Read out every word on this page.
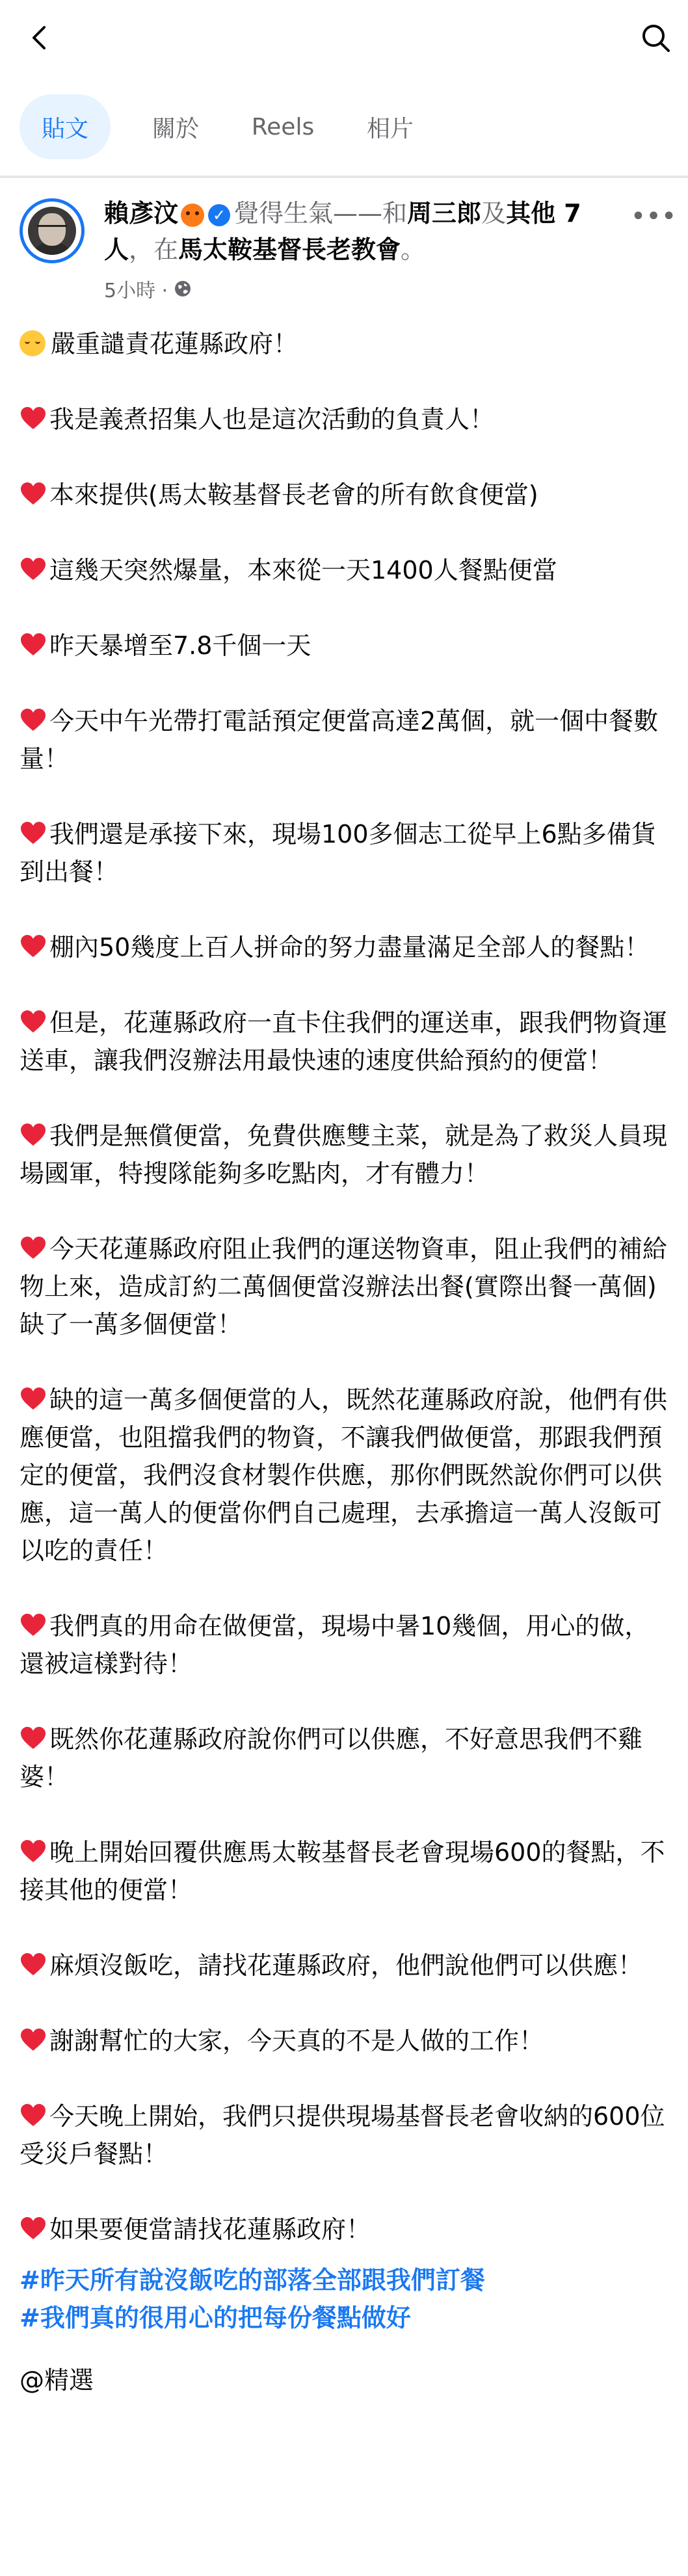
貼文	關於	Reels	相片
賴彥汶 ✓ 覺得生氣——和周三郎及其他 7 人，在馬太鞍基督長老教會。
5小時 ·
•••
嚴重譴責花蓮縣政府！
我是義煮招集人也是這次活動的負責人！
本來提供(馬太鞍基督長老會的所有飲食便當)
這幾天突然爆量，本來從一天1400人餐點便當
昨天暴增至7.8千個一天
今天中午光帶打電話預定便當高達2萬個，就一個中餐數量！
我們還是承接下來，現場100多個志工從早上6點多備貨到出餐！
棚內50幾度上百人拼命的努力盡量滿足全部人的餐點！
但是，花蓮縣政府一直卡住我們的運送車，跟我們物資運送車，讓我們沒辦法用最快速的速度供給預約的便當！
我們是無償便當，免費供應雙主菜，就是為了救災人員現場國軍，特搜隊能夠多吃點肉，才有體力！
今天花蓮縣政府阻止我們的運送物資車，阻止我們的補給物上來，造成訂約二萬個便當沒辦法出餐(實際出餐一萬個)缺了一萬多個便當！
缺的這一萬多個便當的人，既然花蓮縣政府說，他們有供應便當，也阻擋我們的物資，不讓我們做便當，那跟我們預定的便當，我們沒食材製作供應，那你們既然說你們可以供應，這一萬人的便當你們自己處理，去承擔這一萬人沒飯可以吃的責任！
我們真的用命在做便當，現場中暑10幾個，用心的做，還被這樣對待！
既然你花蓮縣政府說你們可以供應，不好意思我們不雞婆！
晚上開始回覆供應馬太鞍基督長老會現場600的餐點，不接其他的便當！
麻煩沒飯吃，請找花蓮縣政府，他們說他們可以供應！
謝謝幫忙的大家，今天真的不是人做的工作！
今天晚上開始，我們只提供現場基督長老會收納的600位受災戶餐點！
如果要便當請找花蓮縣政府！
#昨天所有說沒飯吃的部落全部跟我們訂餐
#我們真的很用心的把每份餐點做好
@精選
